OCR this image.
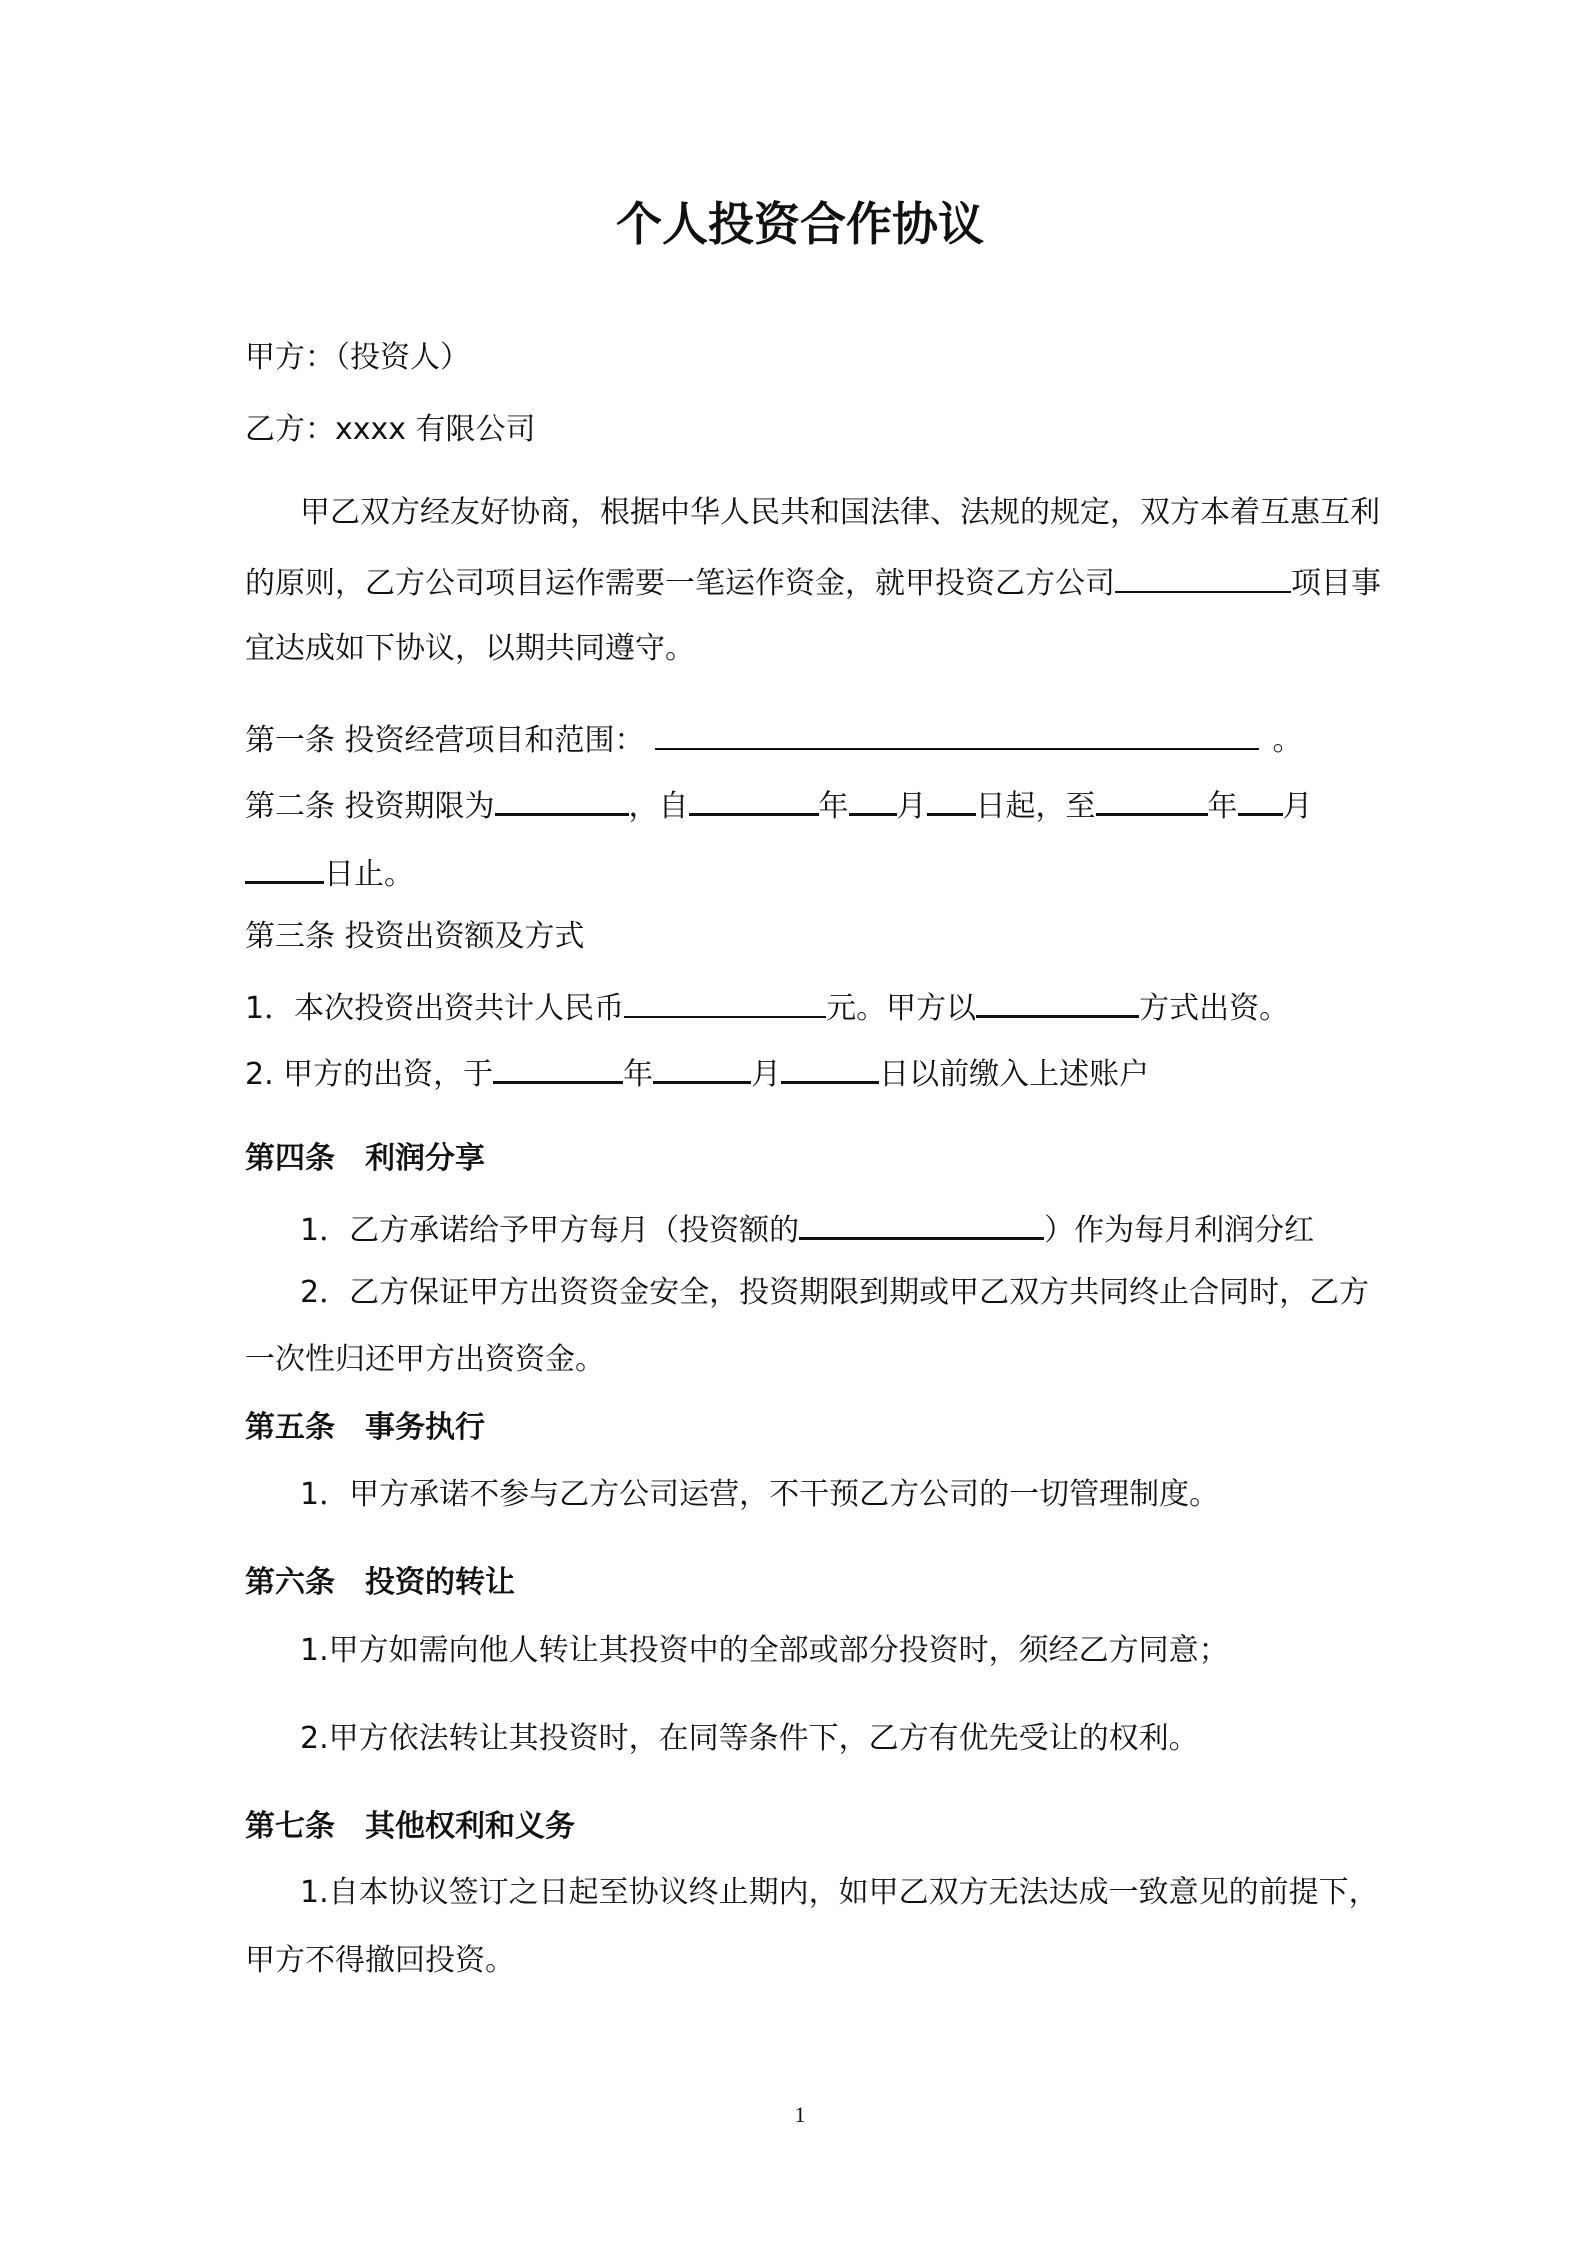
个人投资合作协议
甲方：（投资人）
乙方：xxxx 有限公司
甲乙双方经友好协商，根据中华人民共和国法律、法规的规定，双方本着互惠互利
的原则，乙方公司项目运作需要一笔运作资金，就甲投资乙方公司	项目事
宜达成如下协议，以期共同遵守。
第一条 投资经营项目和范围：	。
第二条 投资期限为	，自	年 月 日起，至	年 月
日止。
第三条 投资出资额及方式
1．本次投资出资共计人民币	元。甲方以	方式出资。
2. 甲方的出资，于	年	月	日以前缴入上述账户
第四条　利润分享
1．乙方承诺给予甲方每月（投资额的	）作为每月利润分红
2．乙方保证甲方出资资金安全，投资期限到期或甲乙双方共同终止合同时，乙方
一次性归还甲方出资资金。
第五条　事务执行
1．甲方承诺不参与乙方公司运营，不干预乙方公司的一切管理制度。
第六条　投资的转让
1.甲方如需向他人转让其投资中的全部或部分投资时，须经乙方同意；
2.甲方依法转让其投资时，在同等条件下，乙方有优先受让的权利。
第七条　其他权利和义务
1.自本协议签订之日起至协议终止期内，如甲乙双方无法达成一致意见的前提下，
甲方不得撤回投资。
1
